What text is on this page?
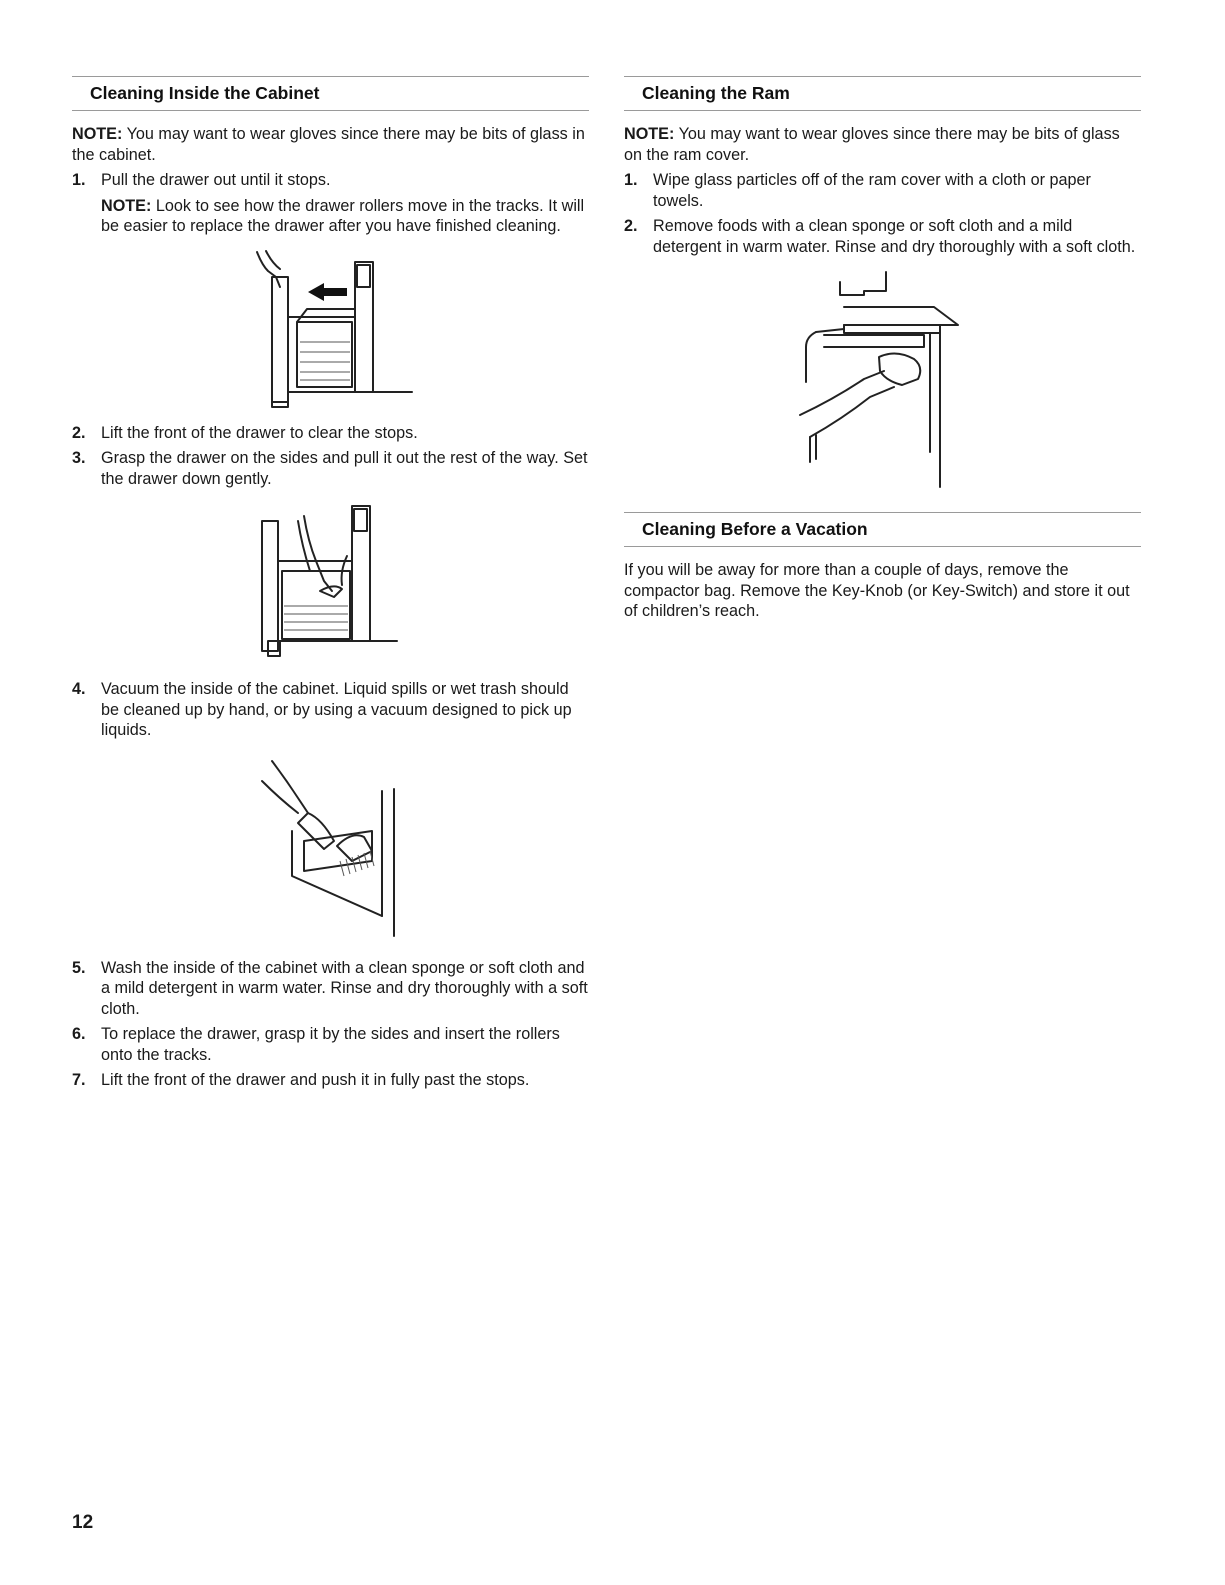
Cleaning Inside the Cabinet

NOTE: You may want to wear gloves since there may be bits of glass in the cabinet.

1. Pull the drawer out until it stops.

NOTE: Look to see how the drawer rollers move in the tracks. It will be easier to replace the drawer after you have finished cleaning.

2. Lift the front of the drawer to clear the stops.
3. Grasp the drawer on the sides and pull it out the rest of the way. Set the drawer down gently.
4. Vacuum the inside of the cabinet. Liquid spills or wet trash should be cleaned up by hand, or by using a vacuum designed to pick up liquids.
5. Wash the inside of the cabinet with a clean sponge or soft cloth and a mild detergent in warm water. Rinse and dry thoroughly with a soft cloth.
6. To replace the drawer, grasp it by the sides and insert the rollers onto the tracks.
7. Lift the front of the drawer and push it in fully past the stops.
Cleaning the Ram

NOTE: You may want to wear gloves since there may be bits of glass on the ram cover.

1. Wipe glass particles off of the ram cover with a cloth or paper towels.
2. Remove foods with a clean sponge or soft cloth and a mild detergent in warm water. Rinse and dry thoroughly with a soft cloth.
Cleaning Before a Vacation

If you will be away for more than a couple of days, remove the compactor bag. Remove the Key-Knob (or Key-Switch) and store it out of children’s reach.

12
